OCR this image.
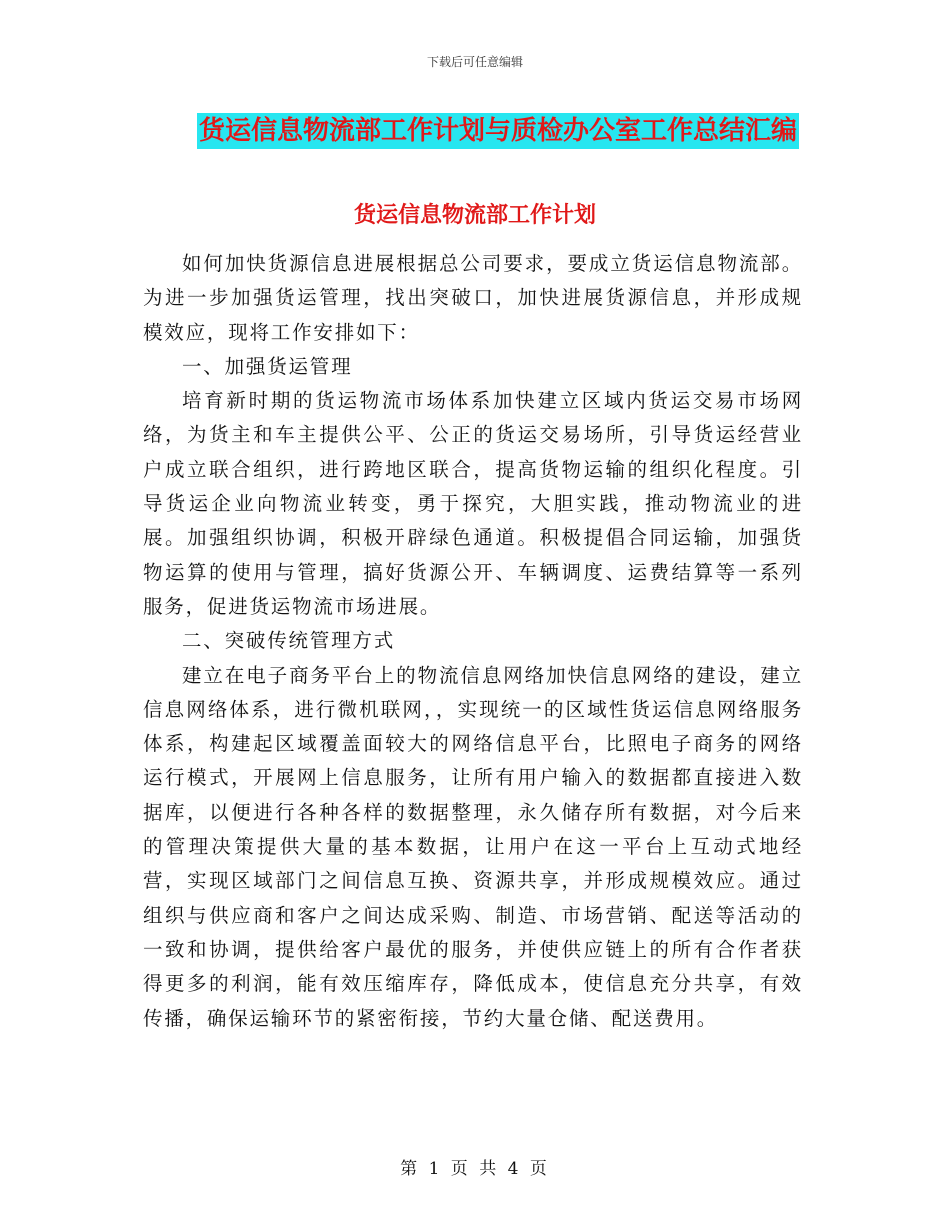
下载后可任意编辑
货运信息物流部工作计划与质检办公室工作总结汇编
货运信息物流部工作计划

如何加快货源信息进展根据总公司要求，要成立货运信息物流部。为进一步加强货运管理，找出突破口，加快进展货源信息，并形成规模效应，现将工作安排如下：

一、加强货运管理

培育新时期的货运物流市场体系加快建立区域内货运交易市场网络，为货主和车主提供公平、公正的货运交易场所，引导货运经营业户成立联合组织，进行跨地区联合，提高货物运输的组织化程度。引导货运企业向物流业转变，勇于探究，大胆实践，推动物流业的进展。加强组织协调，积极开辟绿色通道。积极提倡合同运输，加强货物运算的使用与管理，搞好货源公开、车辆调度、运费结算等一系列服务，促进货运物流市场进展。

二、突破传统管理方式

建立在电子商务平台上的物流信息网络加快信息网络的建设，建立信息网络体系，进行微机联网，，实现统一的区域性货运信息网络服务体系，构建起区域覆盖面较大的网络信息平台，比照电子商务的网络运行模式，开展网上信息服务，让所有用户输入的数据都直接进入数据库，以便进行各种各样的数据整理，永久储存所有数据，对今后来的管理决策提供大量的基本数据，让用户在这一平台上互动式地经营，实现区域部门之间信息互换、资源共享，并形成规模效应。通过组织与供应商和客户之间达成采购、制造、市场营销、配送等活动的一致和协调，提供给客户最优的服务，并使供应链上的所有合作者获得更多的利润，能有效压缩库存，降低成本，使信息充分共享，有效传播，确保运输环节的紧密衔接，节约大量仓储、配送费用。

第 1 页 共 4 页
